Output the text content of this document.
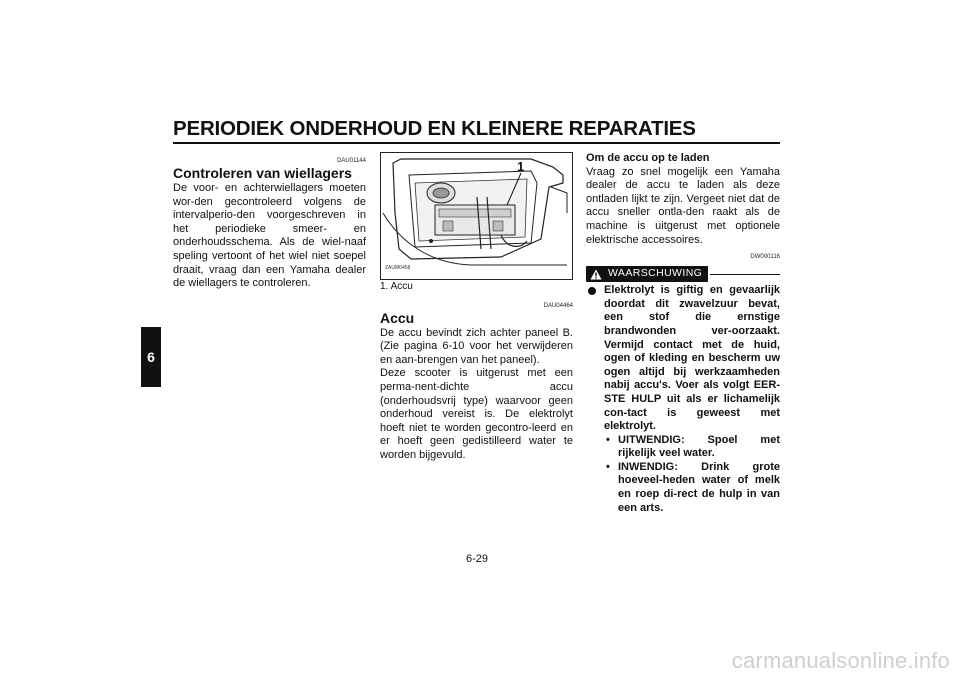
PERIODIEK ONDERHOUD EN KLEINERE REPARATIES
6
DAU01144
Controleren van wiellagers

De voor- en achterwiellagers moeten wor-den gecontroleerd volgens de intervalperio-den voorgeschreven in het periodieke smeer- en onderhoudsschema. Als de wiel-naaf speling vertoont of het wiel niet soepel draait, vraag dan een Yamaha dealer de wiellagers te controleren.

1
ZAUM0458

1. Accu

DAU04464
Accu

De accu bevindt zich achter paneel B. (Zie pagina 6-10 voor het verwijderen en aan-brengen van het paneel).

Deze scooter is uitgerust met een perma-nent-dichte accu (onderhoudsvrij type) waarvoor geen onderhoud vereist is. De elektrolyt hoeft niet te worden gecontro-leerd en er hoeft geen gedistilleerd water te worden bijgevuld.

Om de accu op te laden

Vraag zo snel mogelijk een Yamaha dealer de accu te laden als deze ontladen lijkt te zijn. Vergeet niet dat de accu sneller ontla-den raakt als de machine is uitgerust met optionele elektrische accessoires.

DW000116
WAARSCHUWING
Elektrolyt is giftig en gevaarlijk doordat dit zwavelzuur bevat, een stof die ernstige brandwonden ver-oorzaakt. Vermijd contact met de huid, ogen of kleding en bescherm uw ogen altijd bij werkzaamheden nabij accu's. Voer als volgt EER-STE HULP uit als er lichamelijk con-tact is geweest met elektrolyt.
• UITWENDIG: Spoel met rijkelijk veel water.
• INWENDIG: Drink grote hoeveel-heden water of melk en roep di-rect de hulp in van een arts.
6-29
carmanualsonline.info
